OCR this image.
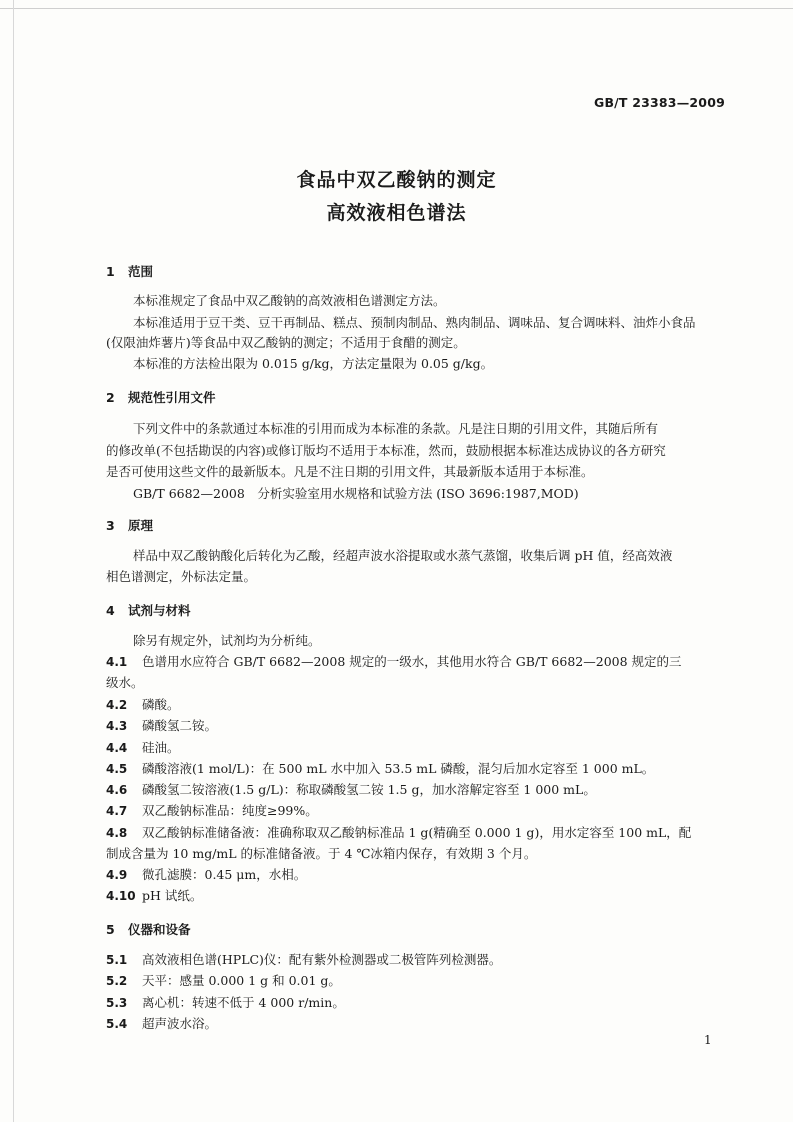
GB/T 23383—2009
食品中双乙酸钠的测定
高效液相色谱法
1 范围
本标准规定了食品中双乙酸钠的高效液相色谱测定方法。
本标准适用于豆干类、豆干再制品、糕点、预制肉制品、熟肉制品、调味品、复合调味料、油炸小食品
(仅限油炸薯片)等食品中双乙酸钠的测定；不适用于食醋的测定。
本标准的方法检出限为 0.015 g/kg，方法定量限为 0.05 g/kg。
2 规范性引用文件
下列文件中的条款通过本标准的引用而成为本标准的条款。凡是注日期的引用文件，其随后所有
的修改单(不包括勘误的内容)或修订版均不适用于本标准，然而，鼓励根据本标准达成协议的各方研究
是否可使用这些文件的最新版本。凡是不注日期的引用文件，其最新版本适用于本标准。
GB/T 6682—2008　分析实验室用水规格和试验方法 (ISO 3696:1987,MOD)
3 原理
样品中双乙酸钠酸化后转化为乙酸，经超声波水浴提取或水蒸气蒸馏，收集后调 pH 值，经高效液
相色谱测定，外标法定量。
4 试剂与材料
除另有规定外，试剂均为分析纯。
4.1 色谱用水应符合 GB/T 6682—2008 规定的一级水，其他用水符合 GB/T 6682—2008 规定的三
级水。
4.2 磷酸。
4.3 磷酸氢二铵。
4.4 硅油。
4.5 磷酸溶液(1 mol/L)：在 500 mL 水中加入 53.5 mL 磷酸，混匀后加水定容至 1 000 mL。
4.6 磷酸氢二铵溶液(1.5 g/L)：称取磷酸氢二铵 1.5 g，加水溶解定容至 1 000 mL。
4.7 双乙酸钠标准品：纯度≥99%。
4.8 双乙酸钠标准储备液：准确称取双乙酸钠标准品 1 g(精确至 0.000 1 g)，用水定容至 100 mL，配
制成含量为 10 mg/mL 的标准储备液。于 4 ℃冰箱内保存，有效期 3 个月。
4.9 微孔滤膜：0.45 μm，水相。
4.10 pH 试纸。
5 仪器和设备
5.1 高效液相色谱(HPLC)仪：配有紫外检测器或二极管阵列检测器。
5.2 天平：感量 0.000 1 g 和 0.01 g。
5.3 离心机：转速不低于 4 000 r/min。
5.4 超声波水浴。
1
